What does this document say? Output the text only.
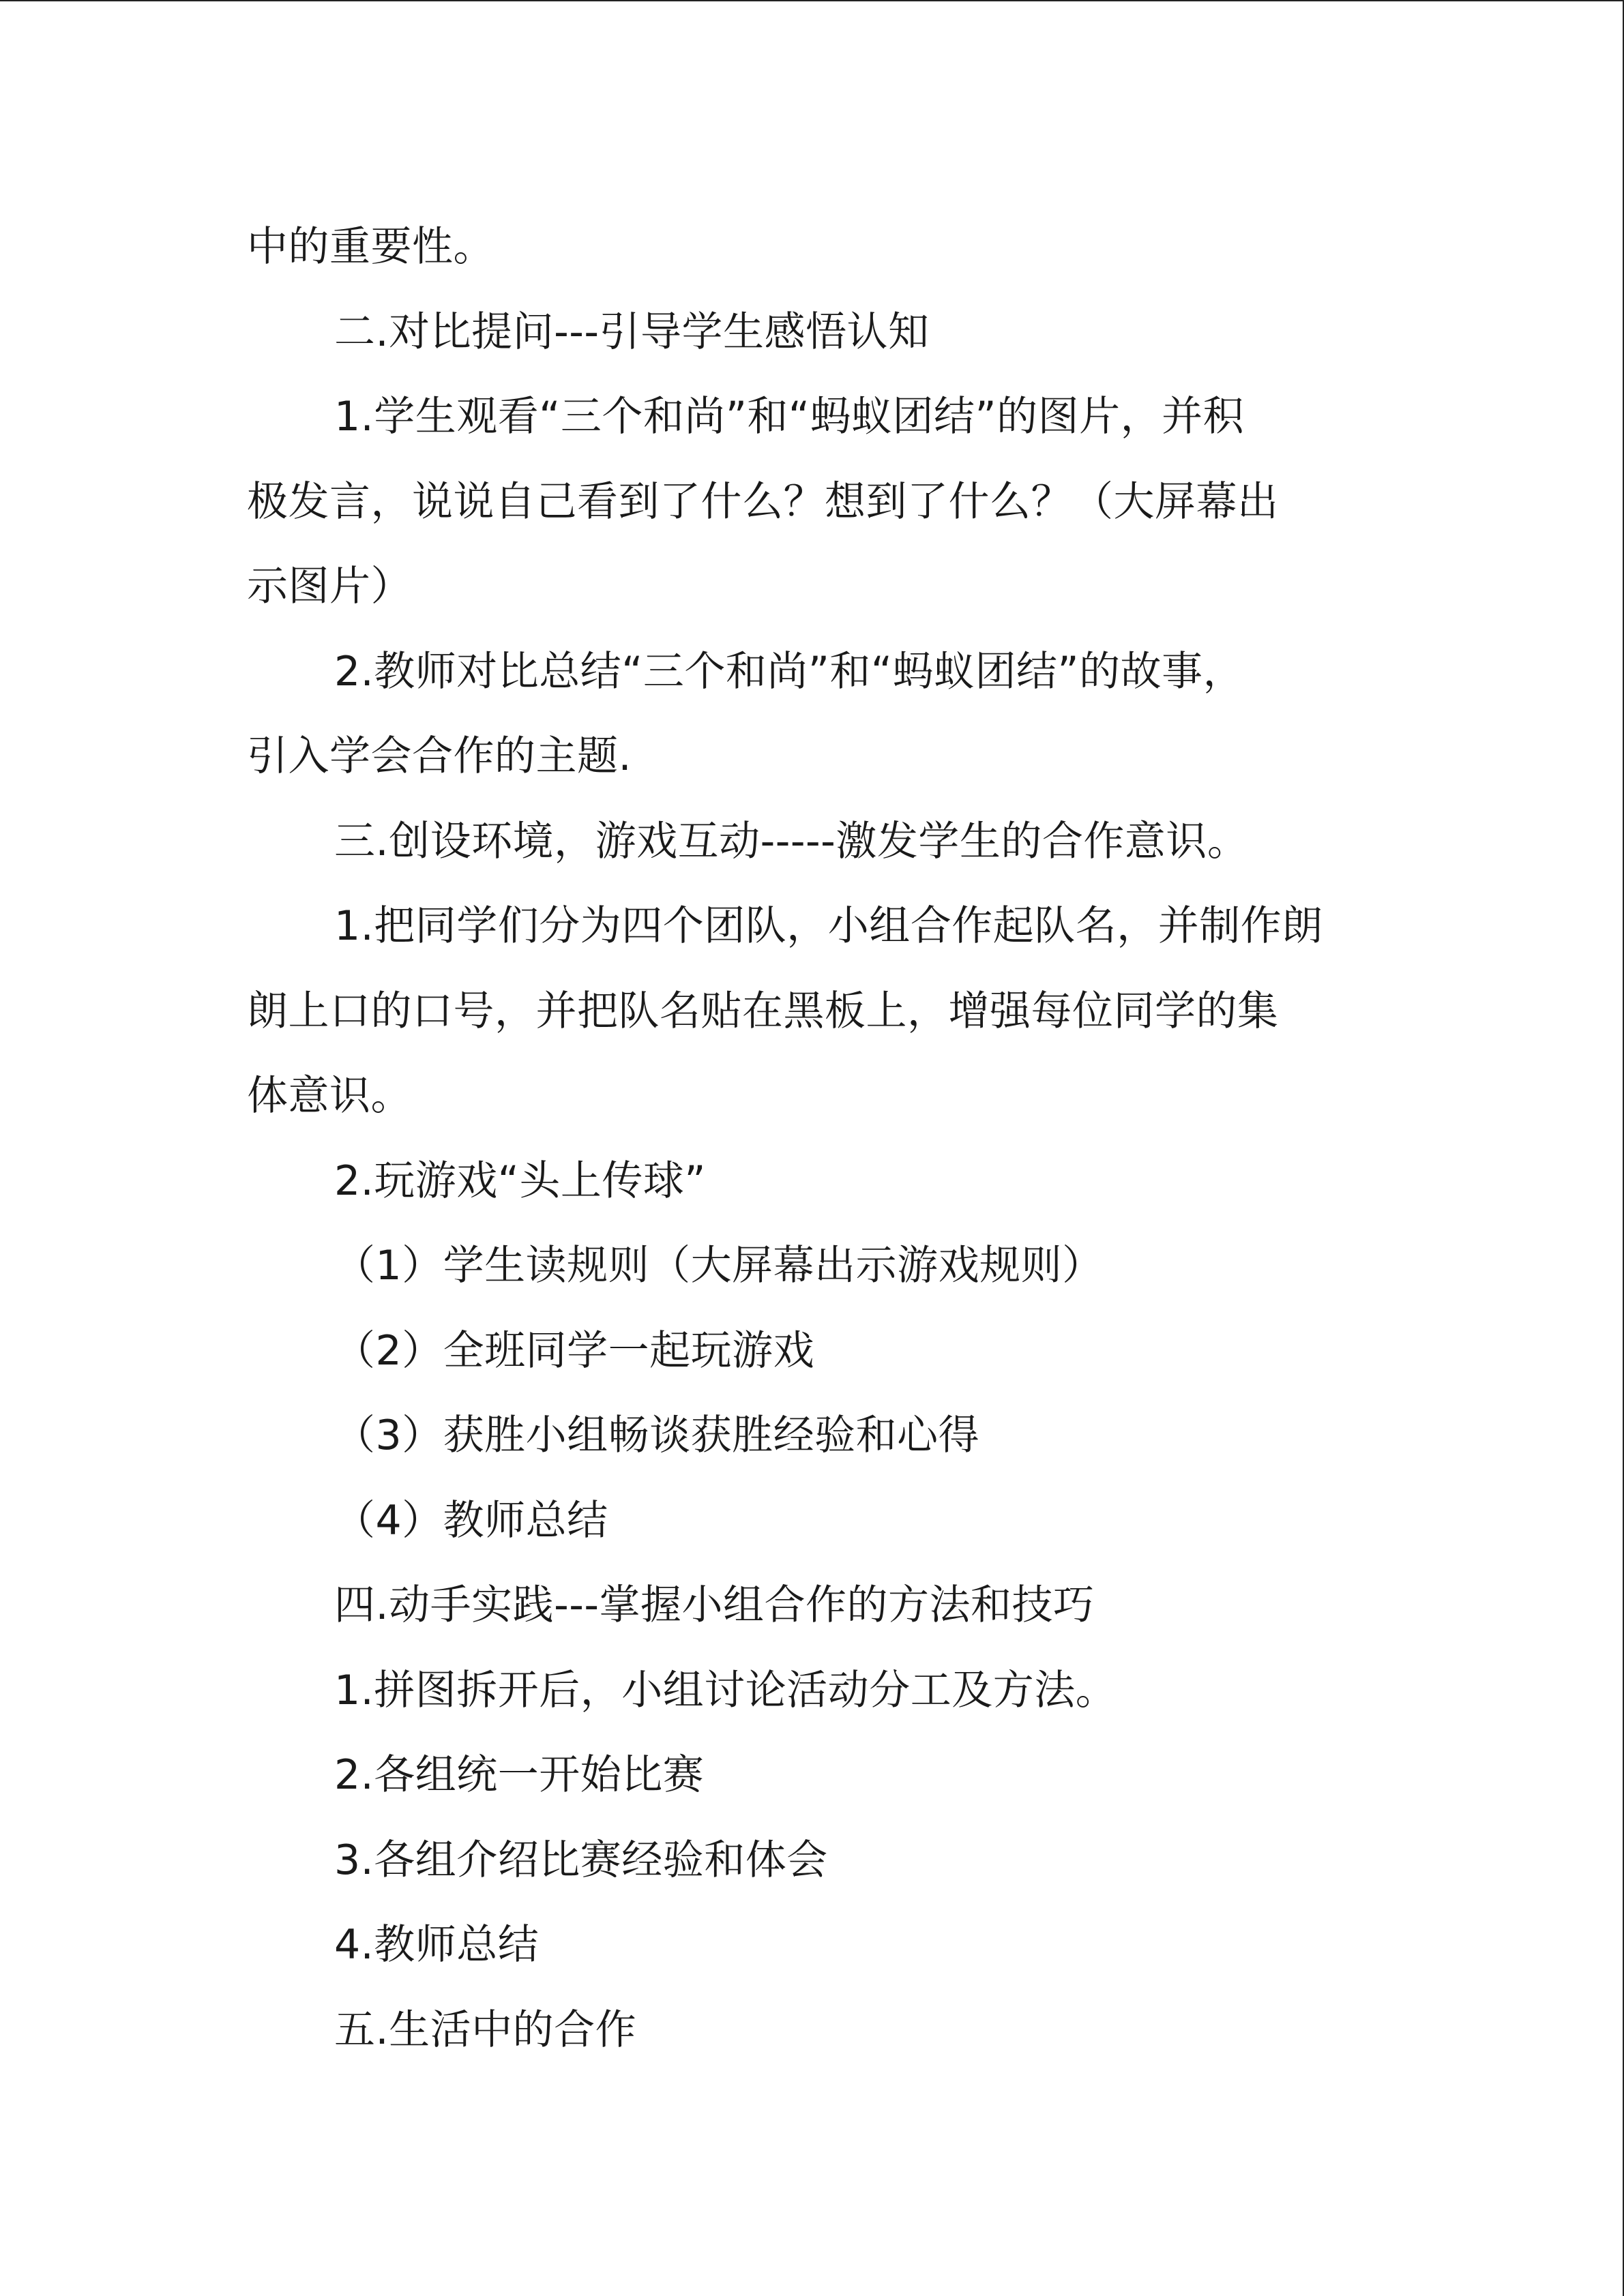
中的重要性。
二.对比提问---引导学生感悟认知
1.学生观看“三个和尚”和“蚂蚁团结”的图片，并积
极发言，说说自己看到了什么？想到了什么？（大屏幕出
示图片）
2.教师对比总结“三个和尚”和“蚂蚁团结”的故事，
引入学会合作的主题.
三.创设环境，游戏互动-----激发学生的合作意识。
1.把同学们分为四个团队，小组合作起队名，并制作朗
朗上口的口号，并把队名贴在黑板上，增强每位同学的集
体意识。
2.玩游戏“头上传球”
（1）学生读规则（大屏幕出示游戏规则）
（2）全班同学一起玩游戏
（3）获胜小组畅谈获胜经验和心得
（4）教师总结
四.动手实践---掌握小组合作的方法和技巧
1.拼图拆开后，小组讨论活动分工及方法。
2.各组统一开始比赛
3.各组介绍比赛经验和体会
4.教师总结
五.生活中的合作
